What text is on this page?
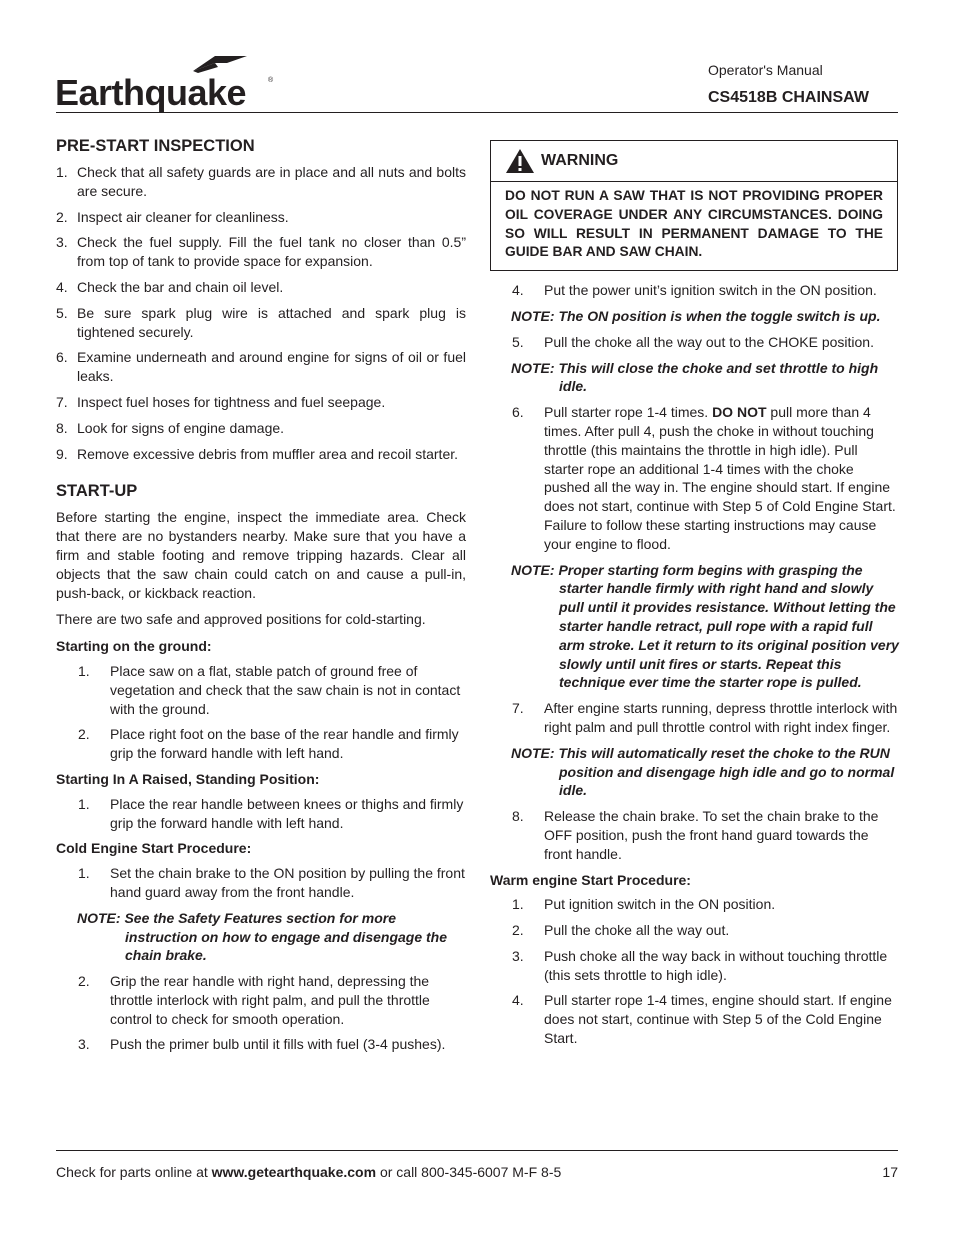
Earthquake	®
Operator's Manual
CS4518B CHAINSAW
PRE-START INSPECTION
1. Check that all safety guards are in place and all nuts and bolts are secure.
2. Inspect air cleaner for cleanliness.
3. Check the fuel supply. Fill the fuel tank no closer than 0.5” from top of tank to provide space for expansion.
4. Check the bar and chain oil level.
5. Be sure spark plug wire is attached and spark plug is tightened securely.
6. Examine underneath and around engine for signs of oil or fuel leaks.
7. Inspect fuel hoses for tightness and fuel seepage.
8. Look for signs of engine damage.
9. Remove excessive debris from muffler area and recoil starter.
START-UP

Before starting the engine, inspect the immediate area. Check that there are no bystanders nearby. Make sure that you have a firm and stable footing and remove tripping hazards. Clear all objects that the saw chain could catch on and cause a pull-in, push-back, or kickback reaction.

There are two safe and approved positions for cold-starting.

Starting on the ground:
1. Place saw on a flat, stable patch of ground free of vegetation and check that the saw chain is not in contact with the ground.
2. Place right foot on the base of the rear handle and firmly grip the forward handle with left hand.
Starting In A Raised, Standing Position:
1. Place the rear handle between knees or thighs and firmly grip the forward handle with left hand.
Cold Engine Start Procedure:
1. Set the chain brake to the ON position by pulling the front hand guard away from the front handle.
NOTE: See the Safety Features section for more instruction on how to engage and disengage the chain brake.
2. Grip the rear handle with right hand, depressing the throttle interlock with right palm, and pull the throttle control to check for smooth operation.
3. Push the primer bulb until it fills with fuel (3-4 pushes).
WARNING
DO NOT RUN A SAW THAT IS NOT PROVIDING PROPER OIL COVERAGE UNDER ANY CIRCUMSTANCES. DOING SO WILL RESULT IN PERMANENT DAMAGE TO THE GUIDE BAR AND SAW CHAIN.
4. Put the power unit’s ignition switch in the ON position.
NOTE: The ON position is when the toggle switch is up.
5. Pull the choke all the way out to the CHOKE position.
NOTE: This will close the choke and set throttle to high idle.
6. Pull starter rope 1-4 times. DO NOT pull more than 4 times. After pull 4, push the choke in without touching throttle (this maintains the throttle in high idle). Pull starter rope an additional 1-4 times with the choke pushed all the way in. The engine should start. If engine does not start, continue with Step 5 of Cold Engine Start. Failure to follow these starting instructions may cause your engine to flood.
NOTE: Proper starting form begins with grasping the starter handle firmly with right hand and slowly pull until it provides resistance. Without letting the starter handle retract, pull rope with a rapid full arm stroke. Let it return to its original position very slowly until unit fires or starts. Repeat this technique ever time the starter rope is pulled.
7. After engine starts running, depress throttle interlock with right palm and pull throttle control with right index finger.
NOTE: This will automatically reset the choke to the RUN position and disengage high idle and go to normal idle.
8. Release the chain brake. To set the chain brake to the OFF position, push the front hand guard towards the front handle.
Warm engine Start Procedure:
1. Put ignition switch in the ON position.
2. Pull the choke all the way out.
3. Push choke all the way back in without touching throttle (this sets throttle to high idle).
4. Pull starter rope 1-4 times, engine should start. If engine does not start, continue with Step 5 of the Cold Engine Start.
Check for parts online at www.getearthquake.com or call 800-345-6007 M-F 8-5	17
